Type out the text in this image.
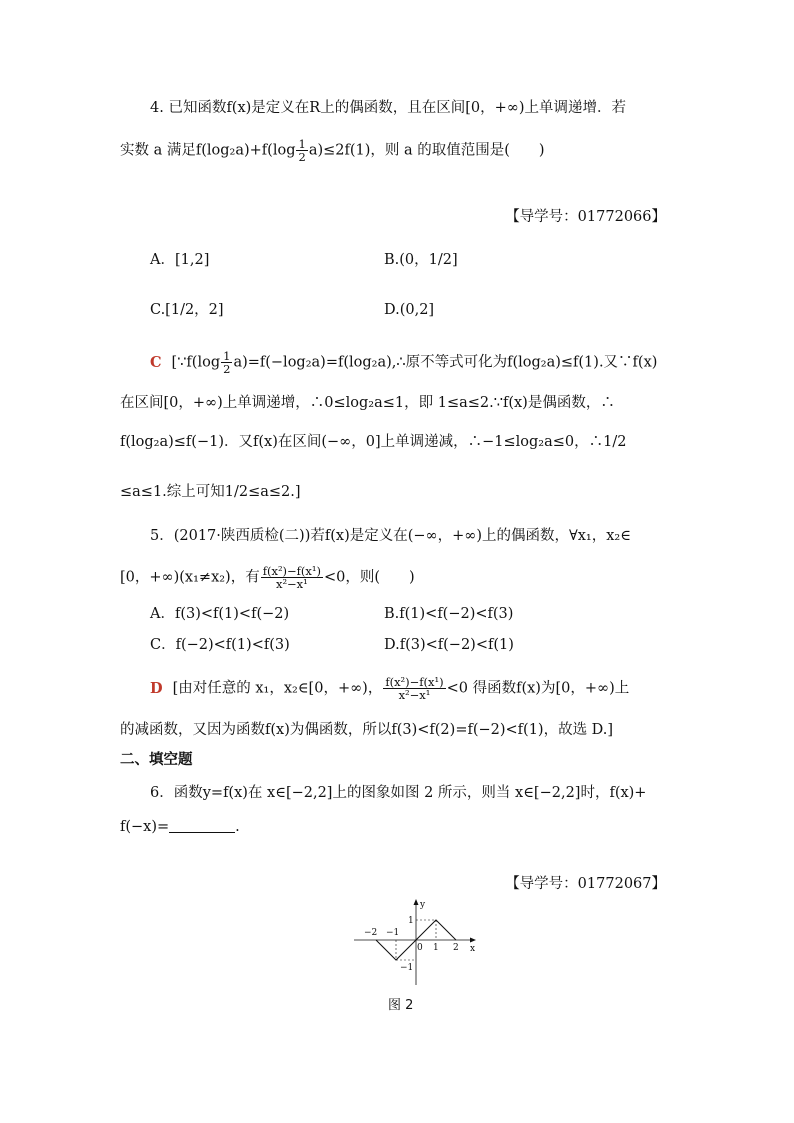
4. 已知函数f(x)是定义在R上的偶函数，且在区间[0，+∞)上单调递增．若
实数 a 满足$f(\log_2a)+f(\log \frac{1}{2} a)\le 2f(1)$，则 a 的取值范围是(　　)
【导学号：01772066】
A．[1,2]	B.(0，1/2]
C.[1/2，2]	D.(0,2]
C [∵f(log $\frac{1}{2}$ a)=f(−log₂a)=f(log₂a),∴原不等式可化为f(log₂a)≤f(1).又∵f(x)
在区间[0，+∞)上单调递增，∴0≤log₂a≤1，即 1≤a≤2.∵f(x)是偶函数，∴
f(log₂a)≤f(−1)．又f(x)在区间(−∞，0]上单调递减，∴−1≤log₂a≤0，∴1/2
≤a≤1.综上可知1/2≤a≤2.]
5．(2017·陕西质检(二))若f(x)是定义在(−∞，+∞)上的偶函数，∀x₁，x₂∈
[0，+∞)(x₁≠x₂)，有 $\frac{\text{f(x²)−f(x¹)}}{\text{x²−x¹}} <0$，则(　　)
A．f(3)<f(1)<f(−2)	B.f(1)<f(−2)<f(3)
C．f(−2)<f(1)<f(3)	D.f(3)<f(−2)<f(1)
D [由对任意的 x₁，x₂∈[0，+∞)， $\frac{\text{f(x²)−f(x¹)}}{\text{x²−x¹}} <0$ 得函数f(x)为[0，+∞)上
的减函数，又因为函数f(x)为偶函数，所以f(3)<f(2)=f(−2)<f(1)，故选 D.]
二、填空题
6．函数y=f(x)在 x∈[−2,2]上的图象如图 2 所示，则当 x∈[−2,2]时，f(x)+
f(−x)=	.
【导学号：01772067】
y
x
−2 −1
0 1 2
1
−1
图 2
